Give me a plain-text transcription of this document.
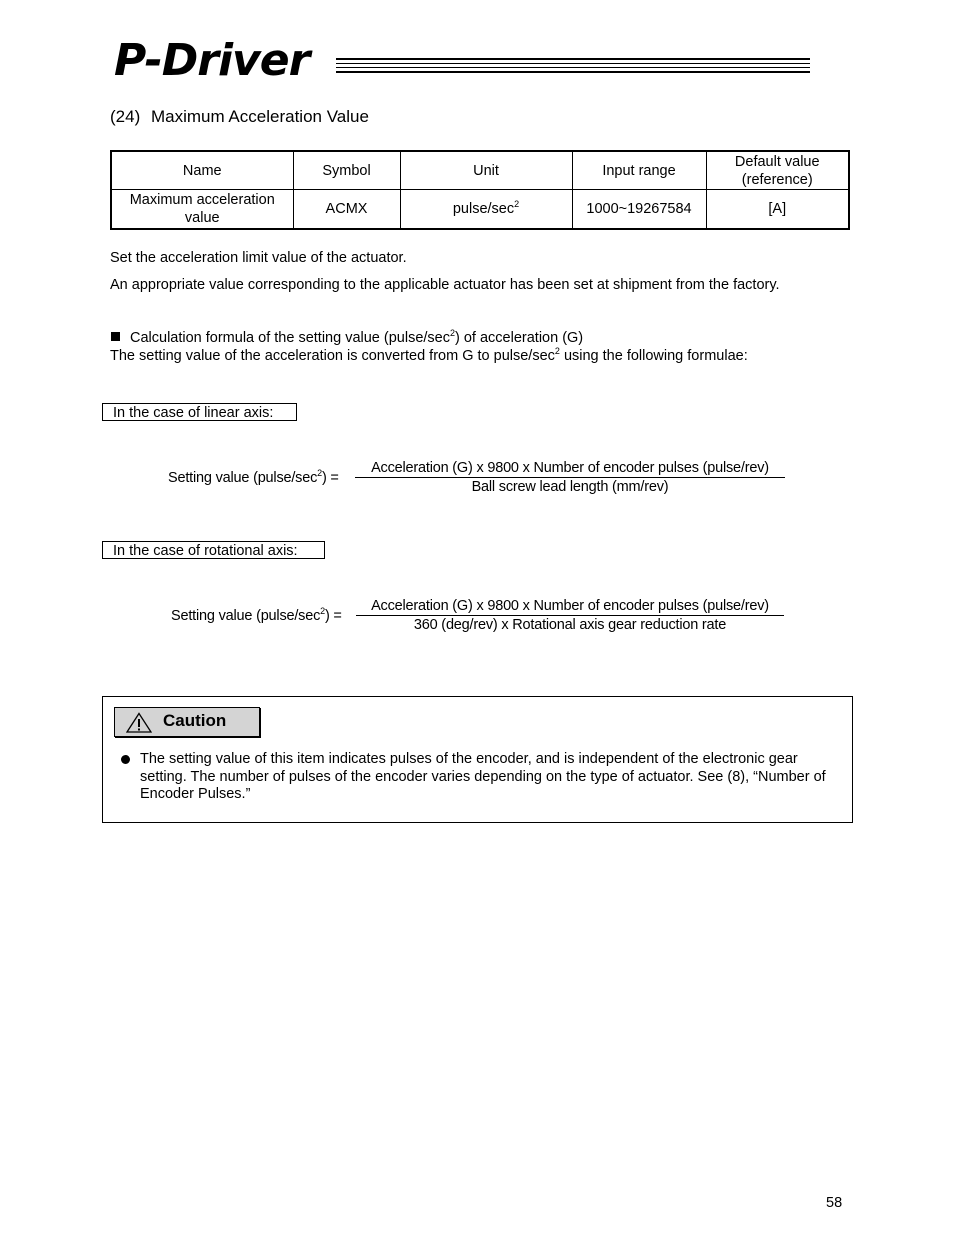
P-Driver
(24) Maximum Acceleration Value
Name	Symbol	Unit	Input range	Default value
(reference)
Maximum acceleration
value	ACMX	pulse/$\sec^2$	1000~19267584	[A]
Set the acceleration limit value of the actuator.
An appropriate value corresponding to the applicable actuator has been set at shipment from the factory.
Calculation formula of the setting value $(pulse/\sec^2)$ of acceleration (G)
The setting value of the acceleration is converted from G to pulse/$\sec^2$ using the following formulae:
In the case of linear axis:
Setting value $(pulse/\sec^2)$ =
Acceleration (G) x 9800 x Number of encoder pulses (pulse/rev)
Ball screw lead length (mm/rev)
In the case of rotational axis:
Setting value $(pulse/\sec^2)$ =
Acceleration (G) x 9800 x Number of encoder pulses (pulse/rev)
360 (deg/rev) x Rotational axis gear reduction rate
Caution
The setting value of this item indicates pulses of the encoder, and is independent of the electronic gear setting. The number of pulses of the encoder varies depending on the type of actuator. See (8), “Number of Encoder Pulses.”
58
